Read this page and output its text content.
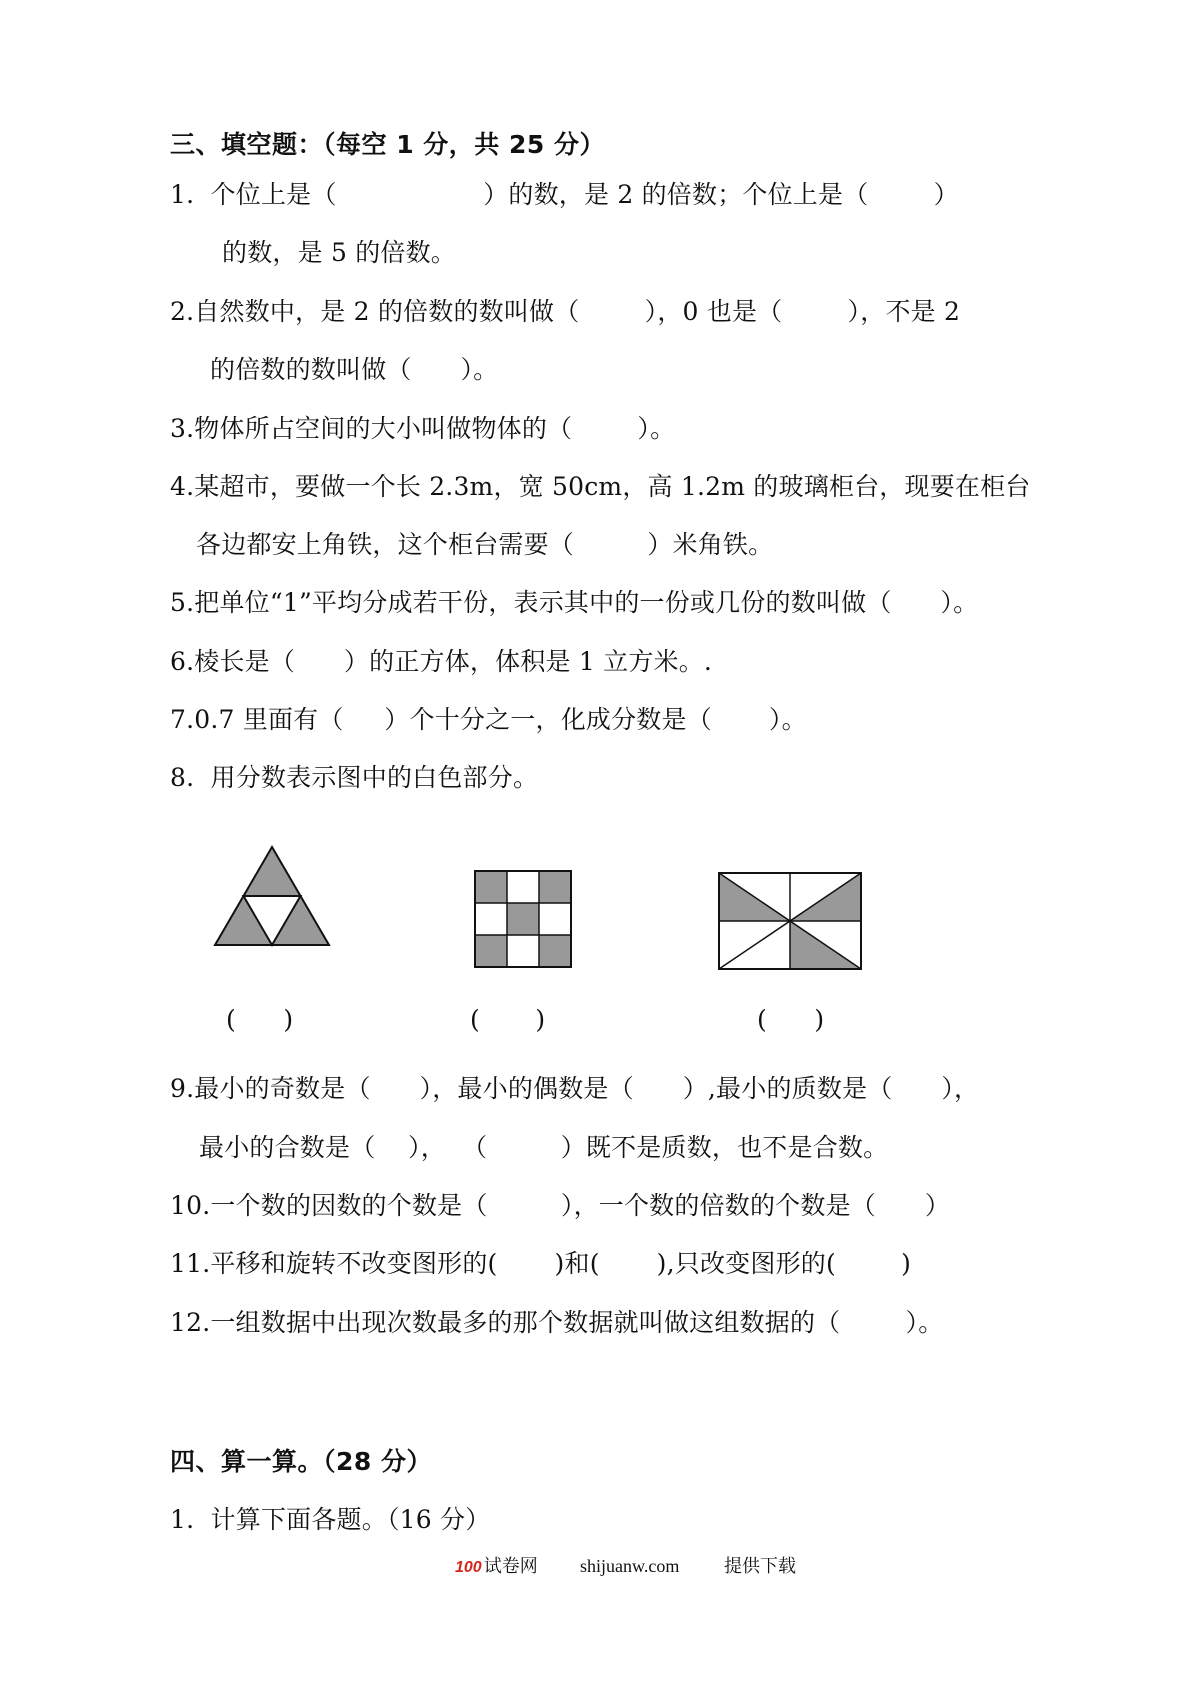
三、填空题：（每空 1 分，共 25 分）
1.  个位上是（                  ）的数，是 2 的倍数；个位上是（        ）
的数，是 5 的倍数。
2.自然数中，是 2 的倍数的数叫做（        ），0 也是（        ），不是 2
的倍数的数叫做（      ）。
3.物体所占空间的大小叫做物体的（        ）。
4.某超市，要做一个长 2.3m，宽 50cm，高 1.2m 的玻璃柜台，现要在柜台
各边都安上角铁，这个柜台需要（         ）米角铁。
5.把单位“1”平均分成若干份，表示其中的一份或几份的数叫做（      ）。
6.棱长是（      ）的正方体，体积是 1 立方米。.
7.0.7 里面有（     ）个十分之一，化成分数是（       ）。
8.  用分数表示图中的白色部分。
(      )	(       )	(      )
9.最小的奇数是（      ），最小的偶数是（      ）,最小的质数是（      ），
最小的合数是（    ），  （         ）既不是质数，也不是合数。
10.一个数的因数的个数是（         ），一个数的倍数的个数是（      ）
11.平移和旋转不改变图形的(       )和(       ),只改变图形的(        )
12.一组数据中出现次数最多的那个数据就叫做这组数据的（        ）。
四、算一算。（28 分）
1.  计算下面各题。（16 分）
100 试卷网 shijuanw.com 提供下载
